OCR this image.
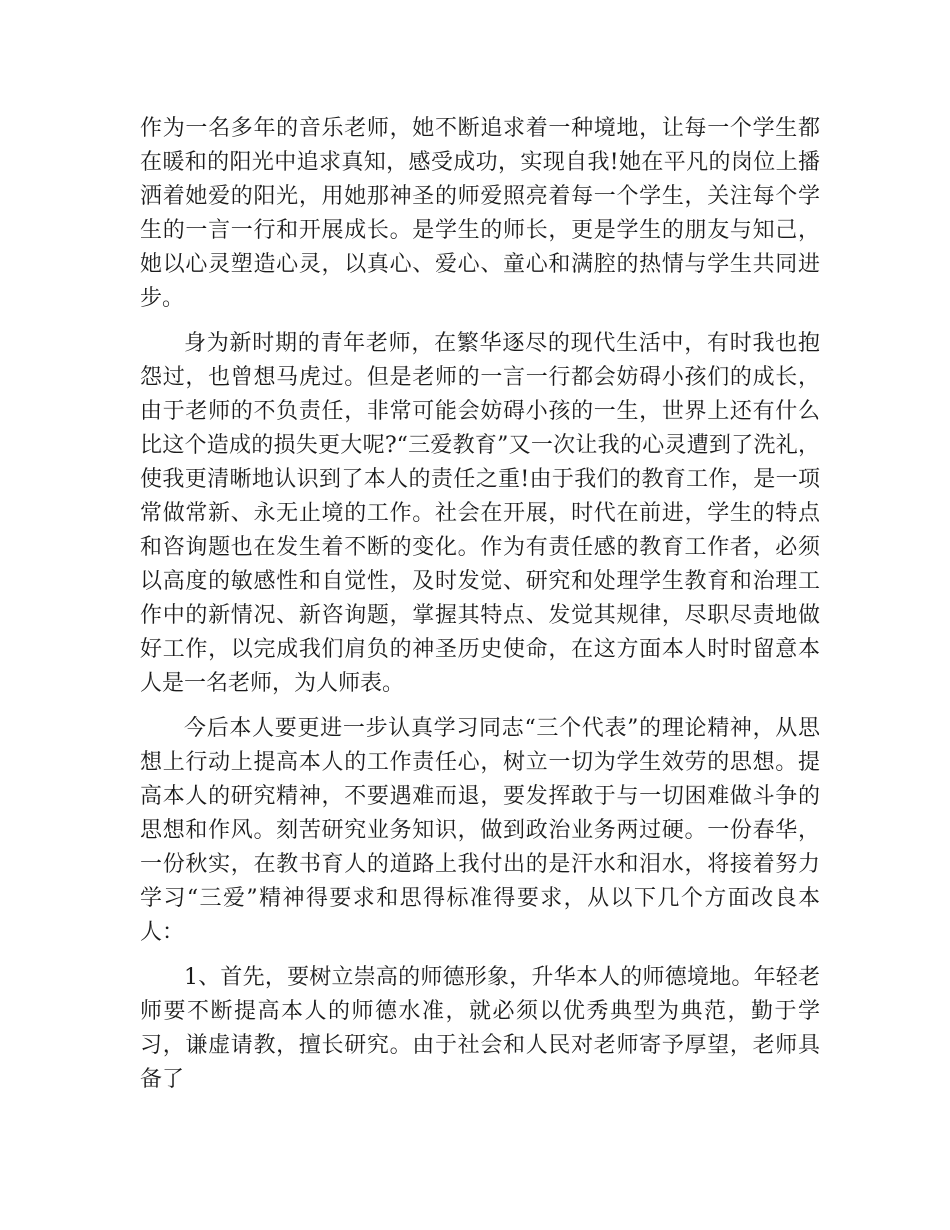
作为一名多年的音乐老师，她不断追求着一种境地，让每一个学生都在暖和的阳光中追求真知，感受成功，实现自我!她在平凡的岗位上播洒着她爱的阳光，用她那神圣的师爱照亮着每一个学生，关注每个学生的一言一行和开展成长。是学生的师长，更是学生的朋友与知己，她以心灵塑造心灵，以真心、爱心、童心和满腔的热情与学生共同进步。

身为新时期的青年老师，在繁华逐尽的现代生活中，有时我也抱怨过，也曾想马虎过。但是老师的一言一行都会妨碍小孩们的成长，由于老师的不负责任，非常可能会妨碍小孩的一生，世界上还有什么比这个造成的损失更大呢?“三爱教育”又一次让我的心灵遭到了洗礼，使我更清晰地认识到了本人的责任之重!由于我们的教育工作，是一项常做常新、永无止境的工作。社会在开展，时代在前进，学生的特点和咨询题也在发生着不断的变化。作为有责任感的教育工作者，必须以高度的敏感性和自觉性，及时发觉、研究和处理学生教育和治理工作中的新情况、新咨询题，掌握其特点、发觉其规律，尽职尽责地做好工作，以完成我们肩负的神圣历史使命，在这方面本人时时留意本人是一名老师，为人师表。

今后本人要更进一步认真学习同志“三个代表”的理论精神，从思想上行动上提高本人的工作责任心，树立一切为学生效劳的思想。提高本人的研究精神，不要遇难而退，要发挥敢于与一切困难做斗争的思想和作风。刻苦研究业务知识，做到政治业务两过硬。一份春华，一份秋实，在教书育人的道路上我付出的是汗水和泪水，将接着努力学习“三爱”精神得要求和思得标准得要求，从以下几个方面改良本人：

1、首先，要树立崇高的师德形象，升华本人的师德境地。年轻老师要不断提高本人的师德水准，就必须以优秀典型为典范，勤于学习，谦虚请教，擅长研究。由于社会和人民对老师寄予厚望，老师具备了
